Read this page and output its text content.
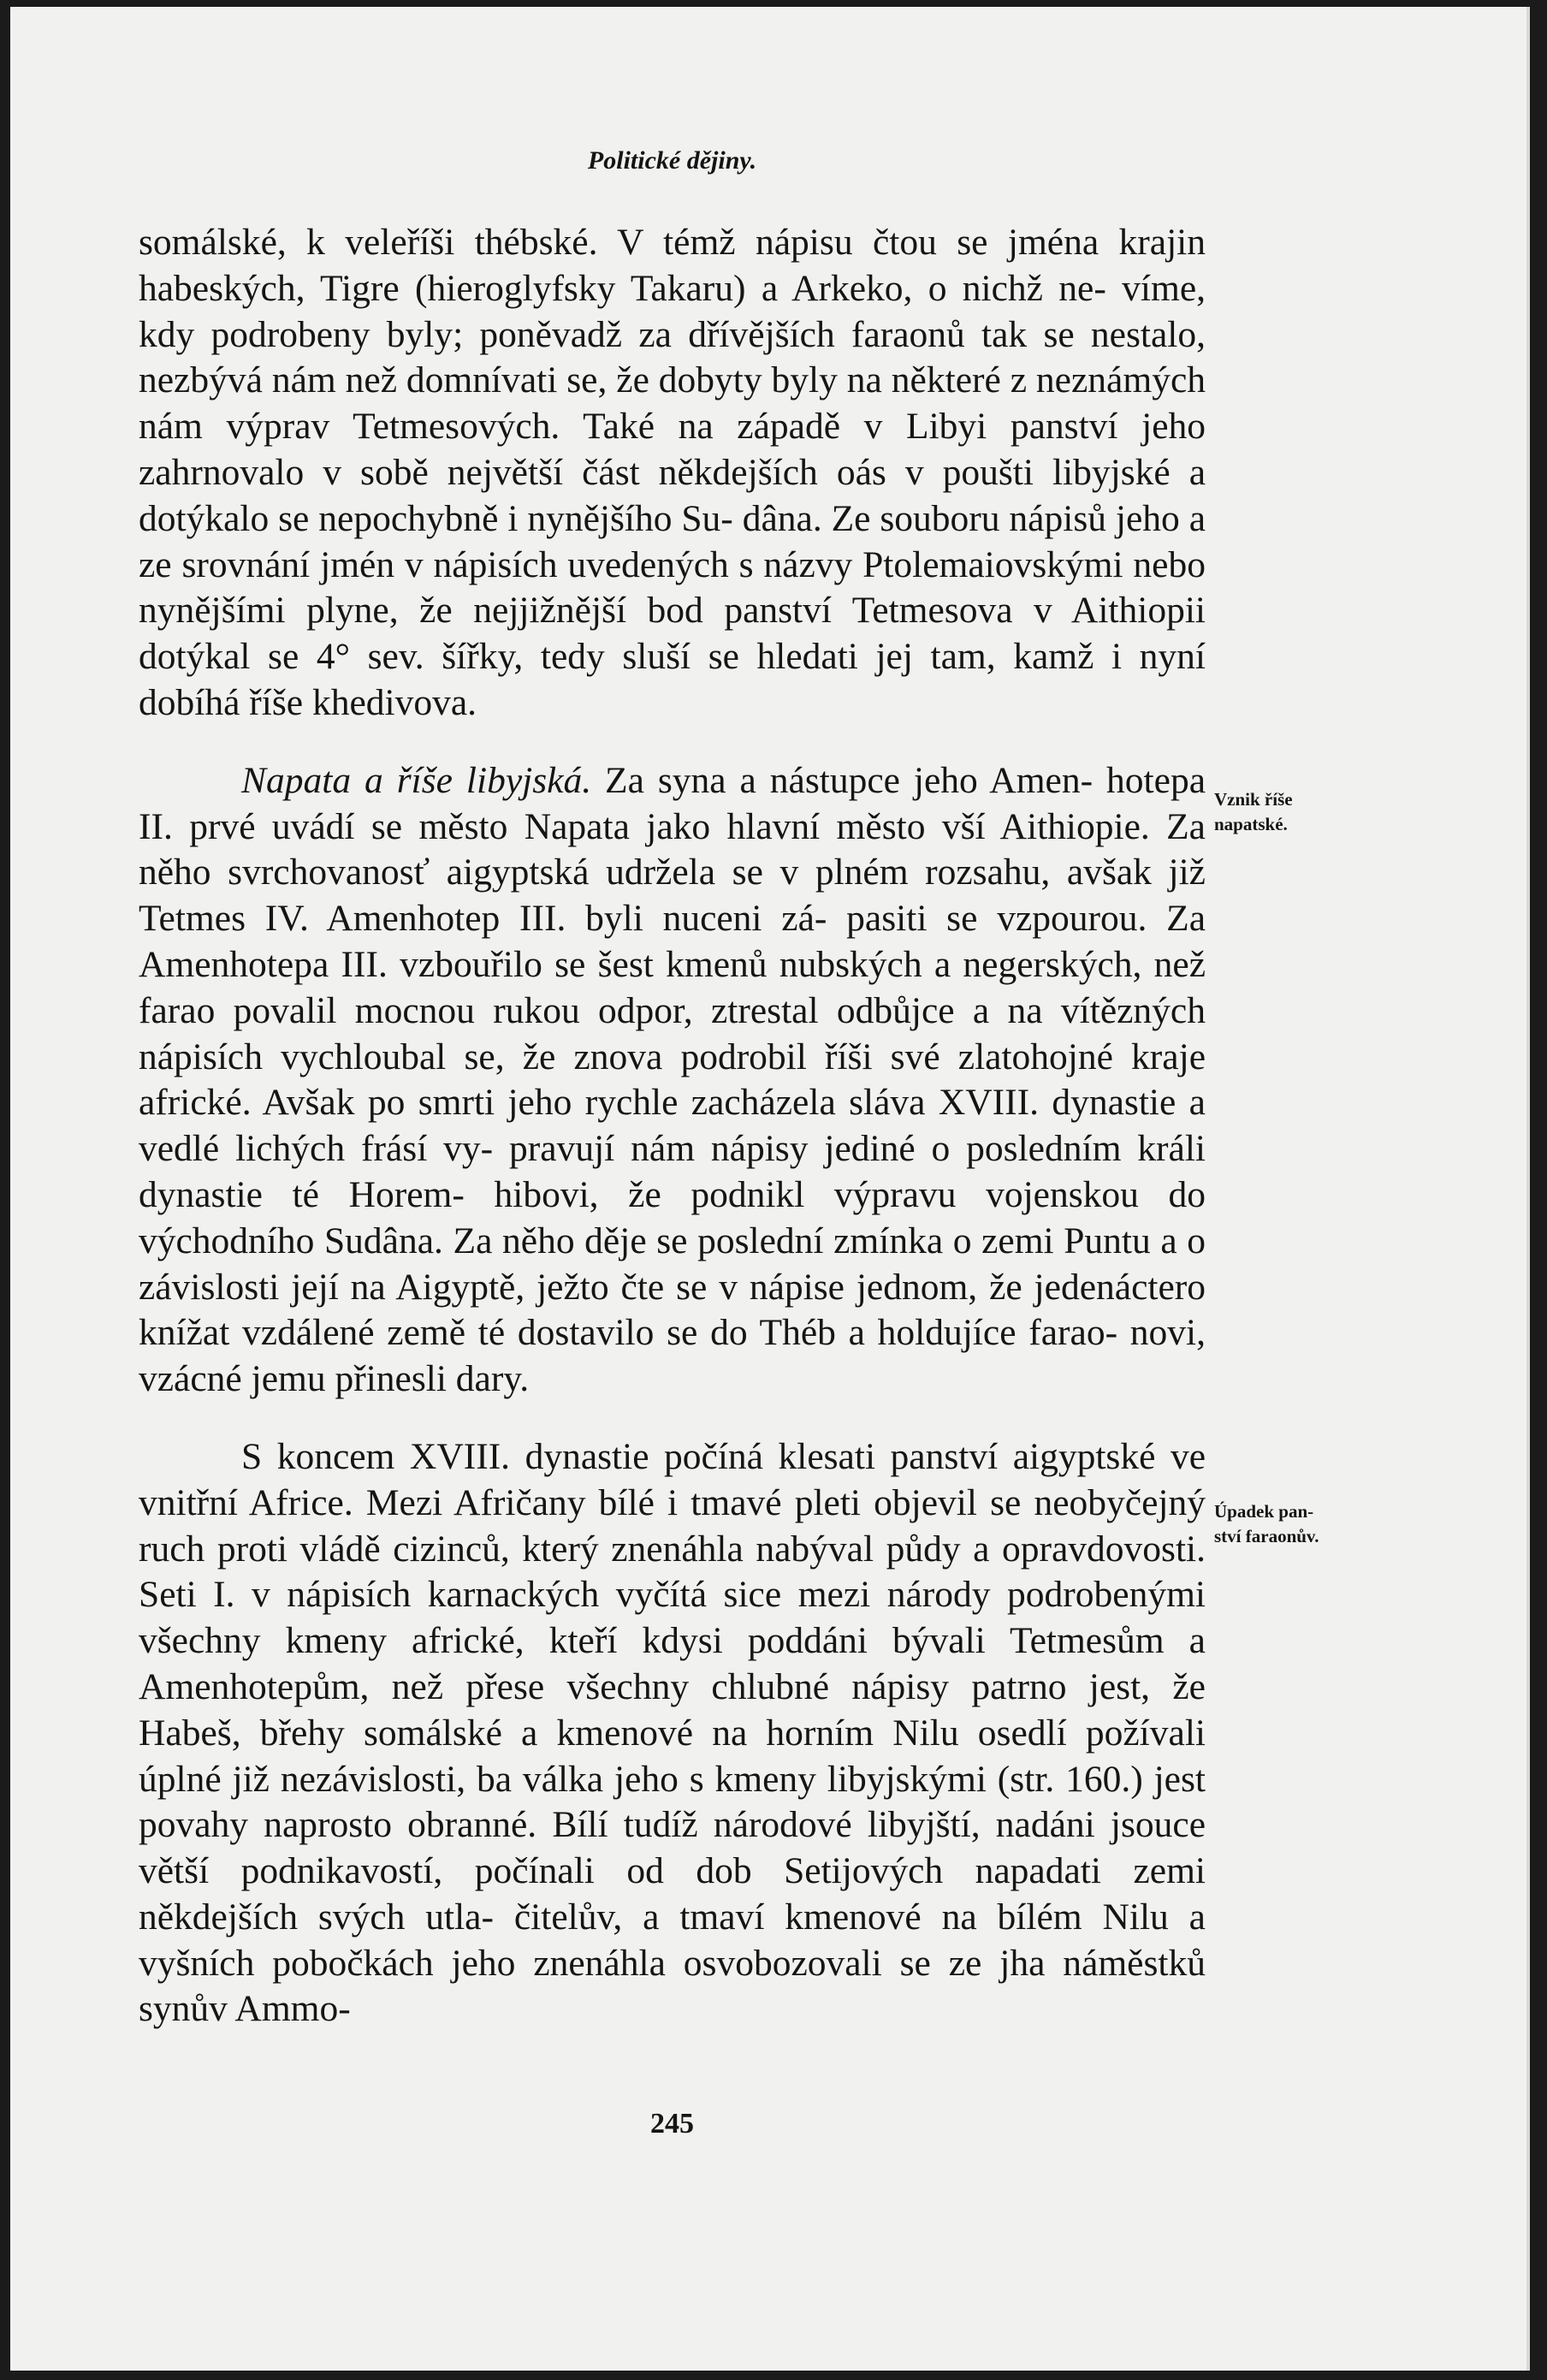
Politické dějiny.

somálské, k veleříši thébské. V témž nápisu čtou se jména krajin habeských, Tigre (hieroglyfsky Takaru) a Arkeko, o nichž ne- víme, kdy podrobeny byly; poněvadž za dřívějších faraonů tak se nestalo, nezbývá nám než domnívati se, že dobyty byly na některé z neznámých nám výprav Tetmesových. Také na západě v Libyi panství jeho zahrnovalo v sobě největší část někdejších oás v poušti libyjské a dotýkalo se nepochybně i nynějšího Su- dâna. Ze souboru nápisů jeho a ze srovnání jmén v nápisích uvedených s názvy Ptolemaiovskými nebo nynějšími plyne, že nejjižnější bod panství Tetmesova v Aithiopii dotýkal se 4° sev. šířky, tedy sluší se hledati jej tam, kamž i nyní dobíhá říše khedivova.

Napata a říše libyjská. Za syna a nástupce jeho Amen- hotepa II. prvé uvádí se město Napata jako hlavní město vší Aithiopie. Za něho svrchovanosť aigyptská udržela se v plném rozsahu, avšak již Tetmes IV. Amenhotep III. byli nuceni zá- pasiti se vzpourou. Za Amenhotepa III. vzbouřilo se šest kmenů nubských a negerských, než farao povalil mocnou rukou odpor, ztrestal odbůjce a na vítězných nápisích vychloubal se, že znova podrobil říši své zlatohojné kraje africké. Avšak po smrti jeho rychle zacházela sláva XVIII. dynastie a vedlé lichých frásí vy- pravují nám nápisy jediné o posledním králi dynastie té Horem- hibovi, že podnikl výpravu vojenskou do východního Sudâna. Za něho děje se poslední zmínka o zemi Puntu a o závislosti její na Aigyptě, ježto čte se v nápise jednom, že jedenáctero knížat vzdálené země té dostavilo se do Théb a holdujíce farao- novi, vzácné jemu přinesli dary.

S koncem XVIII. dynastie počíná klesati panství aigyptské ve vnitřní Africe. Mezi Afričany bílé i tmavé pleti objevil se neobyčejný ruch proti vládě cizinců, který znenáhla nabýval půdy a opravdovosti. Seti I. v nápisích karnackých vyčítá sice mezi národy podrobenými všechny kmeny africké, kteří kdysi poddáni bývali Tetmesům a Amenhotepům, než přese všechny chlubné nápisy patrno jest, že Habeš, břehy somálské a kmenové na horním Nilu osedlí požívali úplné již nezávislosti, ba válka jeho s kmeny libyjskými (str. 160.) jest povahy naprosto obranné. Bílí tudíž národové libyjští, nadáni jsouce větší podnikavostí, počínali od dob Setijových napadati zemi někdejších svých utla- čitelův, a tmaví kmenové na bílém Nilu a vyšních pobočkách jeho znenáhla osvobozovali se ze jha náměstků synův Ammo-

Vznik říše
napatské.
Úpadek pan-
ství faraonův.
245
